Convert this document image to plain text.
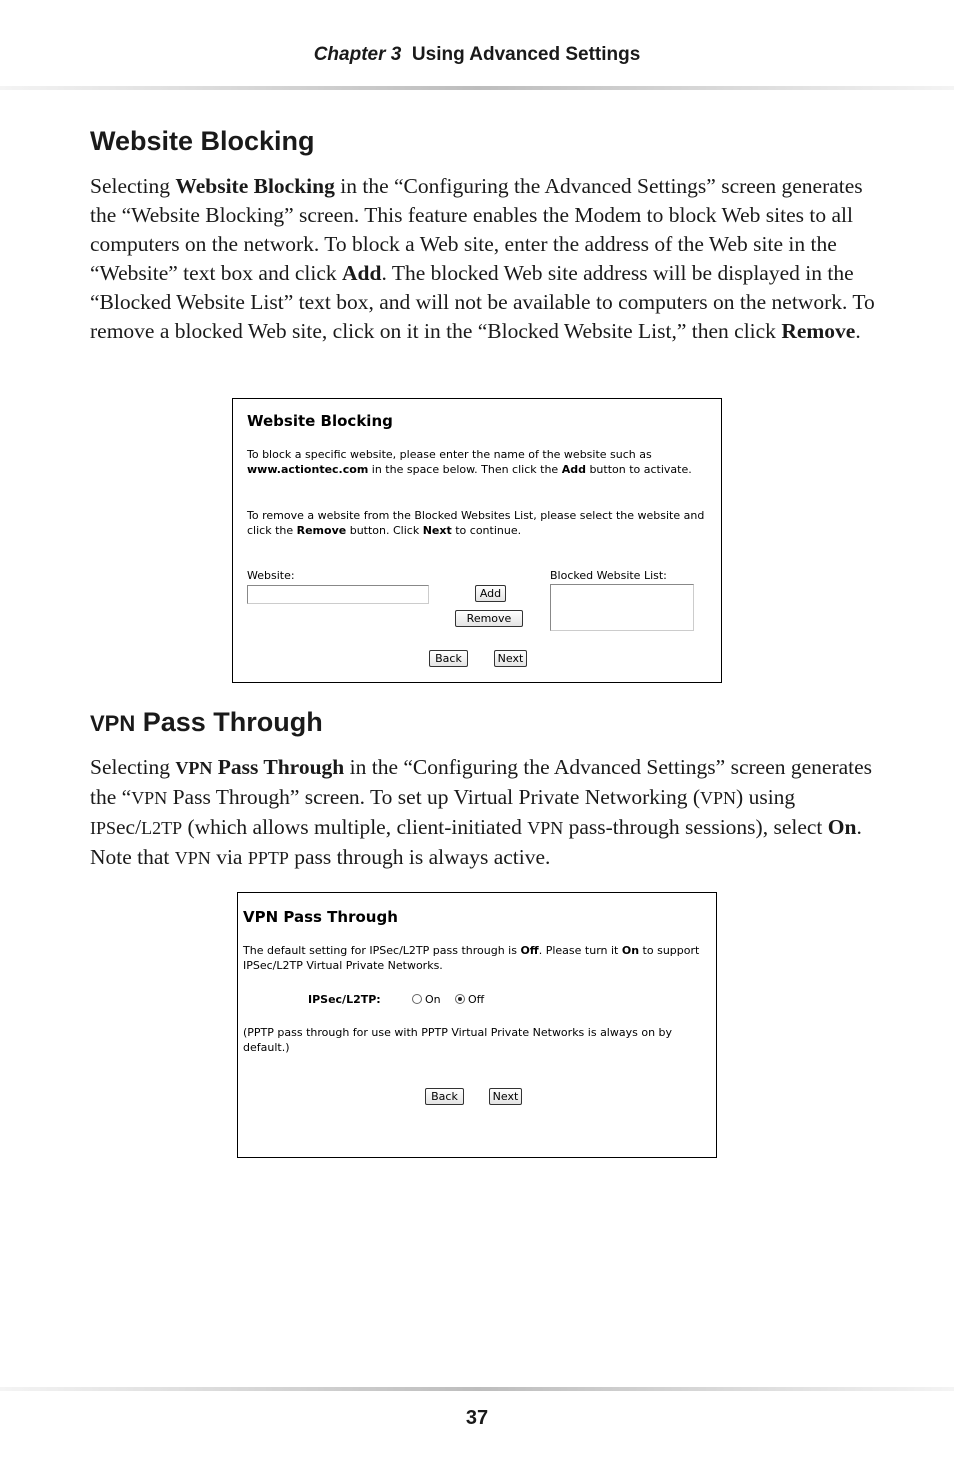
Chapter 3 Using Advanced Settings
Website Blocking

Selecting Website Blocking in the “Configuring the Advanced Settings” screen generates the “Website Blocking” screen. This feature enables the Modem to block Web sites to all computers on the network. To block a Web site, enter the address of the Web site in the “Website” text box and click Add. The blocked Web site address will be displayed in the “Blocked Website List” text box, and will not be available to computers on the network. To remove a blocked Web site, click on it in the “Blocked Website List,” then click Remove.

Website Blocking
To block a specific website, please enter the name of the website such as www.actiontec.com in the space below. Then click the Add button to activate.
To remove a website from the Blocked Websites List, please select the website and click the Remove button. Click Next to continue.
Website:	Blocked Website List:
Add
Remove
Back	Next
VPN Pass Through

Selecting VPN Pass Through in the “Configuring the Advanced Settings” screen generates the “VPN Pass Through” screen. To set up Virtual Private Networking (VPN) using IPSec/L2TP (which allows multiple, client-initiated VPN pass-through sessions), select On. Note that VPN via PPTP pass through is always active.

VPN Pass Through
The default setting for IPSec/L2TP pass through is Off. Please turn it On to support IPSec/L2TP Virtual Private Networks.
IPSec/L2TP:	On Off
(PPTP pass through for use with PPTP Virtual Private Networks is always on by default.)
Back	Next
37
